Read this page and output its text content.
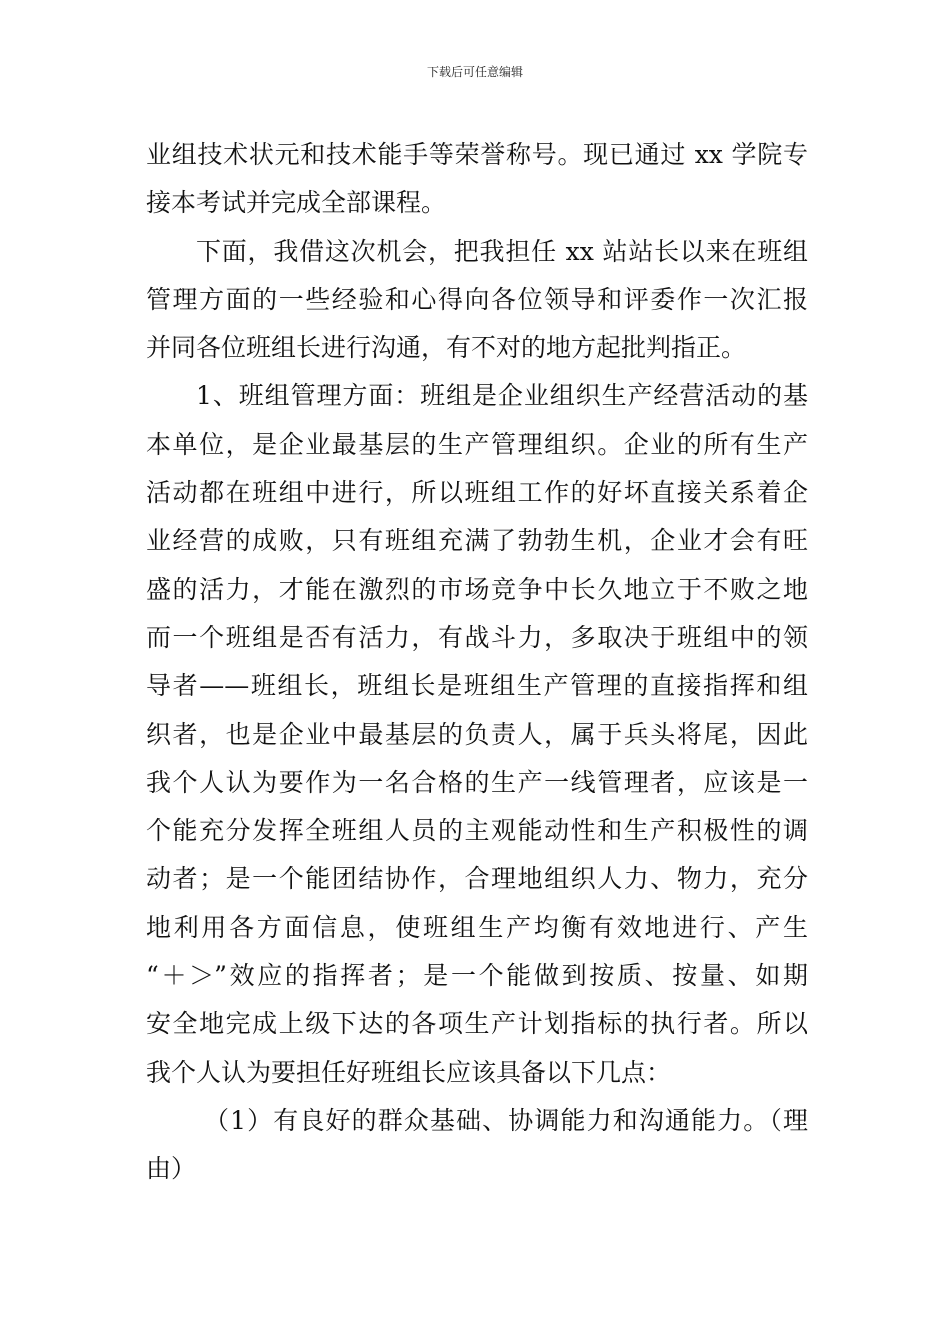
下载后可任意编辑
业组技术状元和技术能手等荣誉称号。现已通过 xx 学院专
接本考试并完成全部课程。
下面，我借这次机会，把我担任 xx 站站长以来在班组
管理方面的一些经验和心得向各位领导和评委作一次汇报
并同各位班组长进行沟通，有不对的地方起批判指正。
1、班组管理方面：班组是企业组织生产经营活动的基
本单位，是企业最基层的生产管理组织。企业的所有生产
活动都在班组中进行，所以班组工作的好坏直接关系着企
业经营的成败，只有班组充满了勃勃生机，企业才会有旺
盛的活力，才能在激烈的市场竞争中长久地立于不败之地
而一个班组是否有活力，有战斗力，多取决于班组中的领
导者——班组长，班组长是班组生产管理的直接指挥和组
织者，也是企业中最基层的负责人，属于兵头将尾，因此
我个人认为要作为一名合格的生产一线管理者，应该是一
个能充分发挥全班组人员的主观能动性和生产积极性的调
动者；是一个能团结协作，合理地组织人力、物力，充分
地利用各方面信息，使班组生产均衡有效地进行、产生
“＋＞”效应的指挥者；是一个能做到按质、按量、如期
安全地完成上级下达的各项生产计划指标的执行者。所以
我个人认为要担任好班组长应该具备以下几点：
（1）有良好的群众基础、协调能力和沟通能力。（理
由）
